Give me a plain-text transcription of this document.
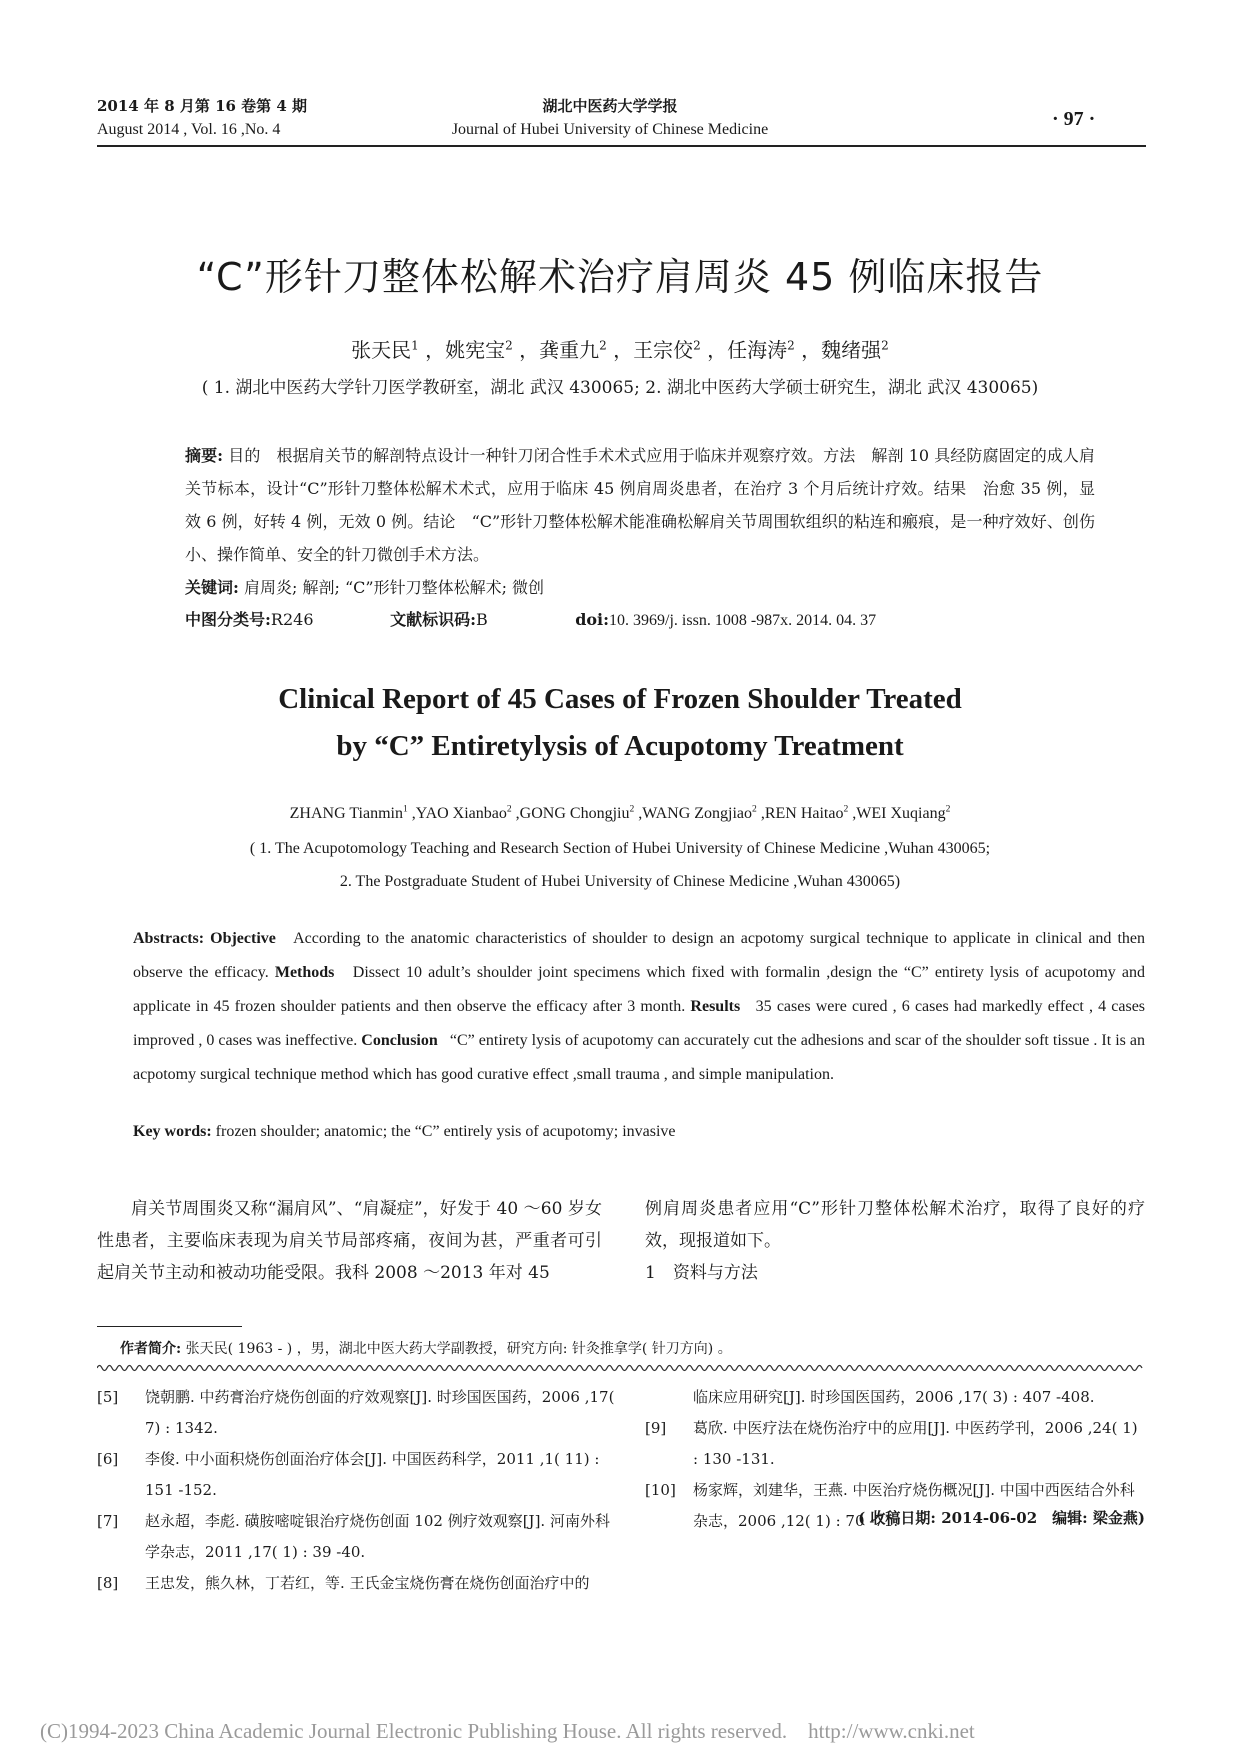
2014 年 8 月第 16 卷第 4 期
August 2014 , Vol. 16 ,No. 4
湖北中医药大学学报
Journal of Hubei University of Chinese Medicine	· 97 ·
“C”形针刀整体松解术治疗肩周炎 45 例临床报告
张天民$^1$ ，姚宪宝$^2$ ，龚重九$^2$ ，王宗佼$^2$ ，任海涛$^2$ ，魏绪强$^2$
( 1. 湖北中医药大学针刀医学教研室，湖北 武汉 430065; 2. 湖北中医药大学硕士研究生，湖北 武汉 430065)
摘要: 目的　根据肩关节的解剖特点设计一种针刀闭合性手术术式应用于临床并观察疗效。方法　解剖 10 具经防腐固定的成人肩关节标本，设计“C”形针刀整体松解术术式，应用于临床 45 例肩周炎患者，在治疗 3 个月后统计疗效。结果　治愈 35 例，显效 6 例，好转 4 例，无效 0 例。结论　“C”形针刀整体松解术能准确松解肩关节周围软组织的粘连和瘢痕，是一种疗效好、创伤小、操作简单、安全的针刀微创手术方法。
关键词: 肩周炎; 解剖; “C”形针刀整体松解术; 微创
中图分类号:R246	文献标识码:B	doi:10. 3969/j. issn. 1008 -987x. 2014. 04. 37
Clinical Report of 45 Cases of Frozen Shoulder Treated
by “C” Entiretylysis of Acupotomy Treatment
ZHANG Tianmin$^1$ ,YAO Xianbao$^2$ ,GONG Chongjiu$^2$ ,WANG Zongjiao$^2$ ,REN Haitao$^2$ ,WEI Xuqiang$^2$
( 1. The Acupotomology Teaching and Research Section of Hubei University of Chinese Medicine ,Wuhan 430065;
2. The Postgraduate Student of Hubei University of Chinese Medicine ,Wuhan 430065)
Abstracts: Objective According to the anatomic characteristics of shoulder to design an acpotomy surgical technique to applicate in clinical and then observe the efficacy. Methods Dissect 10 adult’s shoulder joint specimens which fixed with formalin ,design the “C” entirety lysis of acupotomy and applicate in 45 frozen shoulder patients and then observe the efficacy after 3 month. Results 35 cases were cured , 6 cases had markedly effect , 4 cases improved , 0 cases was ineffective. Conclusion “C” entirety lysis of acupotomy can accurately cut the adhesions and scar of the shoulder soft tissue . It is an acpotomy surgical technique method which has good curative effect ,small trauma , and simple manipulation.
Key words: frozen shoulder; anatomic; the “C” entirely ysis of acupotomy; invasive
肩关节周围炎又称“漏肩风”、“肩凝症”，好发于 40 ～60 岁女性患者，主要临床表现为肩关节局部疼痛，夜间为甚，严重者可引起肩关节主动和被动功能受限。我科 2008 ～2013 年对 45
例肩周炎患者应用“C”形针刀整体松解术治疗，取得了良好的疗效，现报道如下。
1　资料与方法
作者简介: 张天民( 1963 - ) ，男，湖北中医大药大学副教授，研究方向: 针灸推拿学( 针刀方向) 。
[5]	饶朝鹏. 中药膏治疗烧伤创面的疗效观察[J]. 时珍国医国药，2006 ,17( 7) : 1342.
[6]	李俊. 中小面积烧伤创面治疗体会[J]. 中国医药科学，2011 ,1( 11) : 151 -152.
[7]	赵永超，李彪. 磺胺嘧啶银治疗烧伤创面 102 例疗效观察[J]. 河南外科学杂志，2011 ,17( 1) : 39 -40.
[8]	王忠发，熊久林，丁若红，等. 王氏金宝烧伤膏在烧伤创面治疗中的
临床应用研究[J]. 时珍国医国药，2006 ,17( 3) : 407 -408.
[9]	葛欣. 中医疗法在烧伤治疗中的应用[J]. 中医药学刊，2006 ,24( 1) : 130 -131.
[10]	杨家辉，刘建华，王燕. 中医治疗烧伤概况[J]. 中国中西医结合外科杂志，2006 ,12( 1) : 70 -71.
( 收稿日期: 2014-06-02　编辑: 梁金燕)
(C)1994-2023 China Academic Journal Electronic Publishing House. All rights reserved.　http://www.cnki.net
